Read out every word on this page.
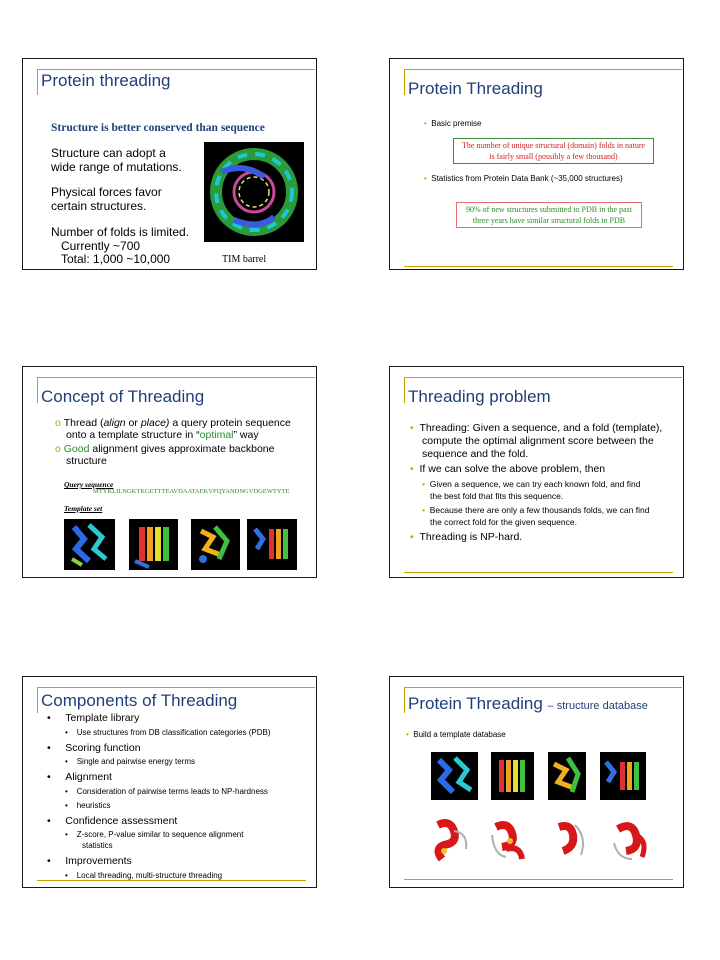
Protein threading
Structure is better conserved than sequence
Structure can adopt a
wide range of mutations.
Physical forces favor
certain structures.
Number of folds is limited.
Currently ~700
Total: 1,000 ~10,000	TIM barrel
Protein Threading
•  Basic premise
The number of unique structural (domain) folds in nature
is fairly small (possibly a few thousand)
•  Statistics from Protein Data Bank (~35,000 structures)
90% of new structures submitted to PDB in the past
three years have similar structural folds in PDB
Concept of Threading
o Thread (align or place) a query protein sequence
onto a template structure in “optimal” way
o Good alignment gives approximate backbone
structure
Query sequence
MTYKLILNGKTKGETTTEAVDAATAEKVFQYANDNGVDGEWTYTE
Template set
Threading problem
•  Threading: Given a sequence, and a fold (template),
compute the optimal alignment score between the
sequence and the fold.
•  If we can solve the above problem, then
•  Given a sequence, we can try each known fold, and find
the best fold that fits this sequence.
•  Because there are only a few thousands folds, we can find
the correct fold for the given sequence.
•  Threading is NP-hard.
Components of Threading
•     Template library
•    Use structures from DB classification categories (PDB)
•     Scoring function
•    Single and pairwise energy terms
•     Alignment
•    Consideration of pairwise terms leads to NP-hardness
•    heuristics
•     Confidence assessment
•    Z-score, P-value similar to sequence alignment
statistics
•     Improvements
•    Local threading, multi-structure threading
Protein Threading – structure database
•  Build a template database
